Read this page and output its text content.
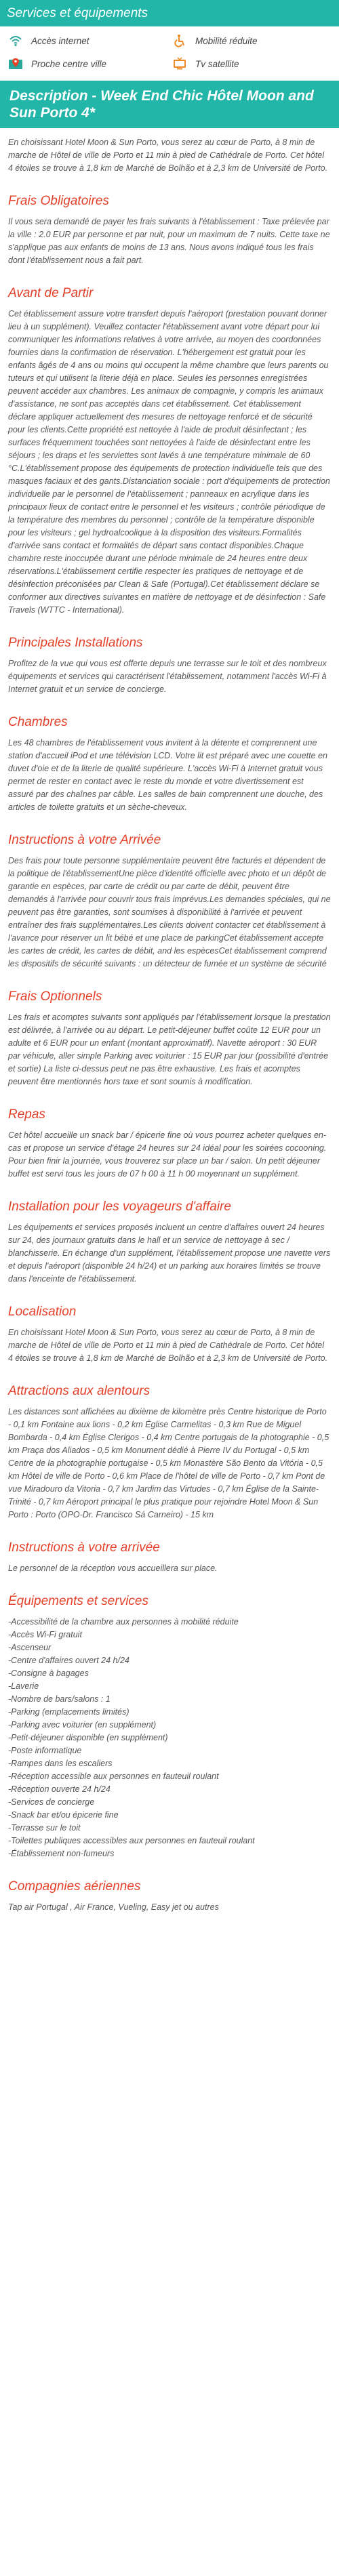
Services et équipements
Accès internet	Mobilité réduite
Proche centre ville	Tv satellite
Description - Week End Chic Hôtel Moon and Sun Porto 4*

En choisissant Hotel Moon & Sun Porto, vous serez au cœur de Porto, à 8 min de marche de Hôtel de ville de Porto et 11 min à pied de Cathédrale de Porto. Cet hôtel 4 étoiles se trouve à 1,8 km de Marché de Bolhão et à 2,3 km de Université de Porto.

Frais Obligatoires

Il vous sera demandé de payer les frais suivants à l'établissement : Taxe prélevée par la ville : 2.0 EUR par personne et par nuit, pour un maximum de 7 nuits. Cette taxe ne s'applique pas aux enfants de moins de 13 ans. Nous avons indiqué tous les frais dont l'établissement nous a fait part.

Avant de Partir

Cet établissement assure votre transfert depuis l'aéroport (prestation pouvant donner lieu à un supplément). Veuillez contacter l'établissement avant votre départ pour lui communiquer les informations relatives à votre arrivée, au moyen des coordonnées fournies dans la confirmation de réservation. L'hébergement est gratuit pour les enfants âgés de 4 ans ou moins qui occupent la même chambre que leurs parents ou tuteurs et qui utilisent la literie déjà en place. Seules les personnes enregistrées peuvent accéder aux chambres. Les animaux de compagnie, y compris les animaux d'assistance, ne sont pas acceptés dans cet établissement. Cet établissement déclare appliquer actuellement des mesures de nettoyage renforcé et de sécurité pour les clients.Cette propriété est nettoyée à l'aide de produit désinfectant ; les surfaces fréquemment touchées sont nettoyées à l'aide de désinfectant entre les séjours ; les draps et les serviettes sont lavés à une température minimale de 60 °C.L'établissement propose des équipements de protection individuelle tels que des masques faciaux et des gants.Distanciation sociale : port d'équipements de protection individuelle par le personnel de l'établissement ; panneaux en acrylique dans les principaux lieux de contact entre le personnel et les visiteurs ; contrôle périodique de la température des membres du personnel ; contrôle de la température disponible pour les visiteurs ; gel hydroalcoolique à la disposition des visiteurs.Formalités d'arrivée sans contact et formalités de départ sans contact disponibles.Chaque chambre reste inoccupée durant une période minimale de 24 heures entre deux réservations.L'établissement certifie respecter les pratiques de nettoyage et de désinfection préconisées par Clean & Safe (Portugal).Cet établissement déclare se conformer aux directives suivantes en matière de nettoyage et de désinfection : Safe Travels (WTTC - International).

Principales Installations

Profitez de la vue qui vous est offerte depuis une terrasse sur le toit et des nombreux équipements et services qui caractérisent l'établissement, notamment l'accès Wi-Fi à Internet gratuit et un service de concierge.

Chambres

Les 48 chambres de l'établissement vous invitent à la détente et comprennent une station d'accueil iPod et une télévision LCD. Votre lit est préparé avec une couette en duvet d'oie et de la literie de qualité supérieure. L'accès Wi-Fi à Internet gratuit vous permet de rester en contact avec le reste du monde et votre divertissement est assuré par des chaînes par câble. Les salles de bain comprennent une douche, des articles de toilette gratuits et un sèche-cheveux.

Instructions à votre Arrivée

Des frais pour toute personne supplémentaire peuvent être facturés et dépendent de la politique de l'établissementUne pièce d'identité officielle avec photo et un dépôt de garantie en espèces, par carte de crédit ou par carte de débit, peuvent être demandés à l'arrivée pour couvrir tous frais imprévus.Les demandes spéciales, qui ne peuvent pas être garanties, sont soumises à disponibilité à l'arrivée et peuvent entraîner des frais supplémentaires.Les clients doivent contacter cet établissement à l'avance pour réserver un lit bébé et une place de parkingCet établissement accepte les cartes de crédit, les cartes de débit, and les espècesCet établissement comprend les dispositifs de sécurité suivants : un détecteur de fumée et un système de sécurité

Frais Optionnels

Les frais et acomptes suivants sont appliqués par l'établissement lorsque la prestation est délivrée, à l'arrivée ou au départ. Le petit-déjeuner buffet coûte 12 EUR pour un adulte et 6 EUR pour un enfant (montant approximatif). Navette aéroport : 30 EUR par véhicule, aller simple Parking avec voiturier : 15 EUR par jour (possibilité d'entrée et sortie) La liste ci-dessus peut ne pas être exhaustive. Les frais et acomptes peuvent être mentionnés hors taxe et sont soumis à modification.

Repas

Cet hôtel accueille un snack bar / épicerie fine où vous pourrez acheter quelques en-cas et propose un service d'étage 24 heures sur 24 idéal pour les soirées cocooning. Pour bien finir la journée, vous trouverez sur place un bar / salon. Un petit déjeuner buffet est servi tous les jours de 07 h 00 à 11 h 00 moyennant un supplément.

Installation pour les voyageurs d'affaire

Les équipements et services proposés incluent un centre d'affaires ouvert 24 heures sur 24, des journaux gratuits dans le hall et un service de nettoyage à sec / blanchisserie. En échange d'un supplément, l'établissement propose une navette vers et depuis l'aéroport (disponible 24 h/24) et un parking aux horaires limités se trouve dans l'enceinte de l'établissement.

Localisation

En choisissant Hotel Moon & Sun Porto, vous serez au cœur de Porto, à 8 min de marche de Hôtel de ville de Porto et 11 min à pied de Cathédrale de Porto. Cet hôtel 4 étoiles se trouve à 1,8 km de Marché de Bolhão et à 2,3 km de Université de Porto.

Attractions aux alentours

Les distances sont affichées au dixième de kilomètre près Centre historique de Porto - 0,1 km Fontaine aux lions - 0,2 km Église Carmelitas - 0,3 km Rue de Miguel Bombarda - 0,4 km Église Clerigos - 0,4 km Centre portugais de la photographie - 0,5 km Praça dos Aliados - 0,5 km Monument dédié à Pierre IV du Portugal - 0,5 km Centre de la photographie portugaise - 0,5 km Monastère São Bento da Vitória - 0,5 km Hôtel de ville de Porto - 0,6 km Place de l'hôtel de ville de Porto - 0,7 km Pont de vue Miradouro da Vitoria - 0,7 km Jardim das Virtudes - 0,7 km Église de la Sainte-Trinité - 0,7 km Aéroport principal le plus pratique pour rejoindre Hotel Moon & Sun Porto : Porto (OPO-Dr. Francisco Sá Carneiro) - 15 km

Instructions à votre arrivée

Le personnel de la réception vous accueillera sur place.

Équipements et services
-Accessibilité de la chambre aux personnes à mobilité réduite
-Accès Wi-Fi gratuit
-Ascenseur
-Centre d'affaires ouvert 24 h/24
-Consigne à bagages
-Laverie
-Nombre de bars/salons : 1
-Parking (emplacements limités)
-Parking avec voiturier (en supplément)
-Petit-déjeuner disponible (en supplément)
-Poste informatique
-Rampes dans les escaliers
-Réception accessible aux personnes en fauteuil roulant
-Réception ouverte 24 h/24
-Services de concierge
-Snack bar et/ou épicerie fine
-Terrasse sur le toit
-Toilettes publiques accessibles aux personnes en fauteuil roulant
-Établissement non-fumeurs
Compagnies aériennes

Tap air Portugal , Air France, Vueling, Easy jet ou autres
